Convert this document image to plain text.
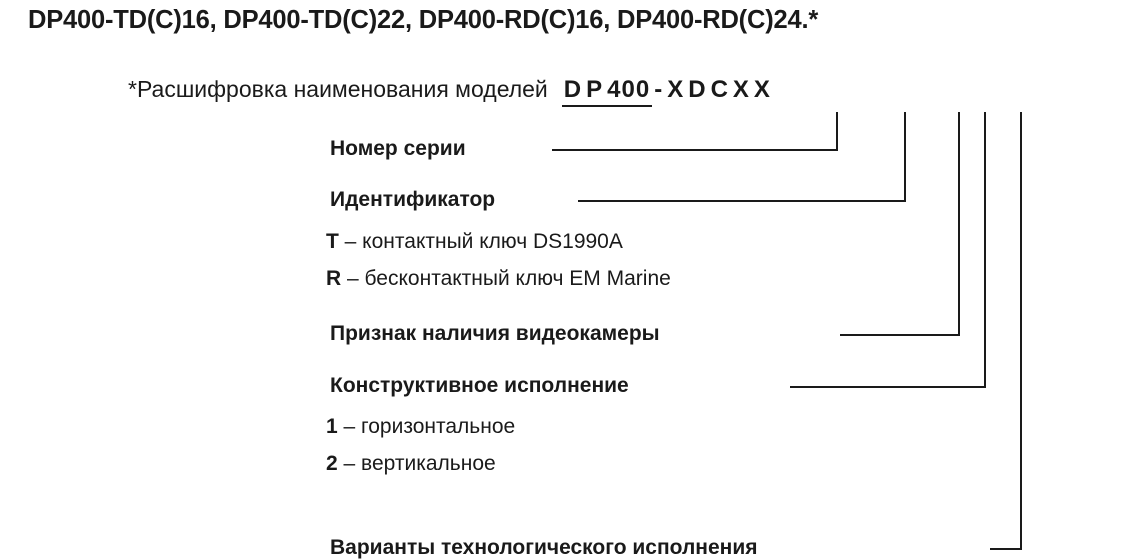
DP400-TD(C)16, DP400-TD(C)22, DP400-RD(C)16, DP400-RD(C)24.*
*Расшифровка наименования моделей D P 400 - X D C X X
Номер серии
Идентификатор
T – контактный ключ DS1990A
R – бесконтактный ключ EM Marine
Признак наличия видеокамеры
Конструктивное исполнение
1 – горизонтальное
2 – вертикальное
Варианты технологического исполнения
